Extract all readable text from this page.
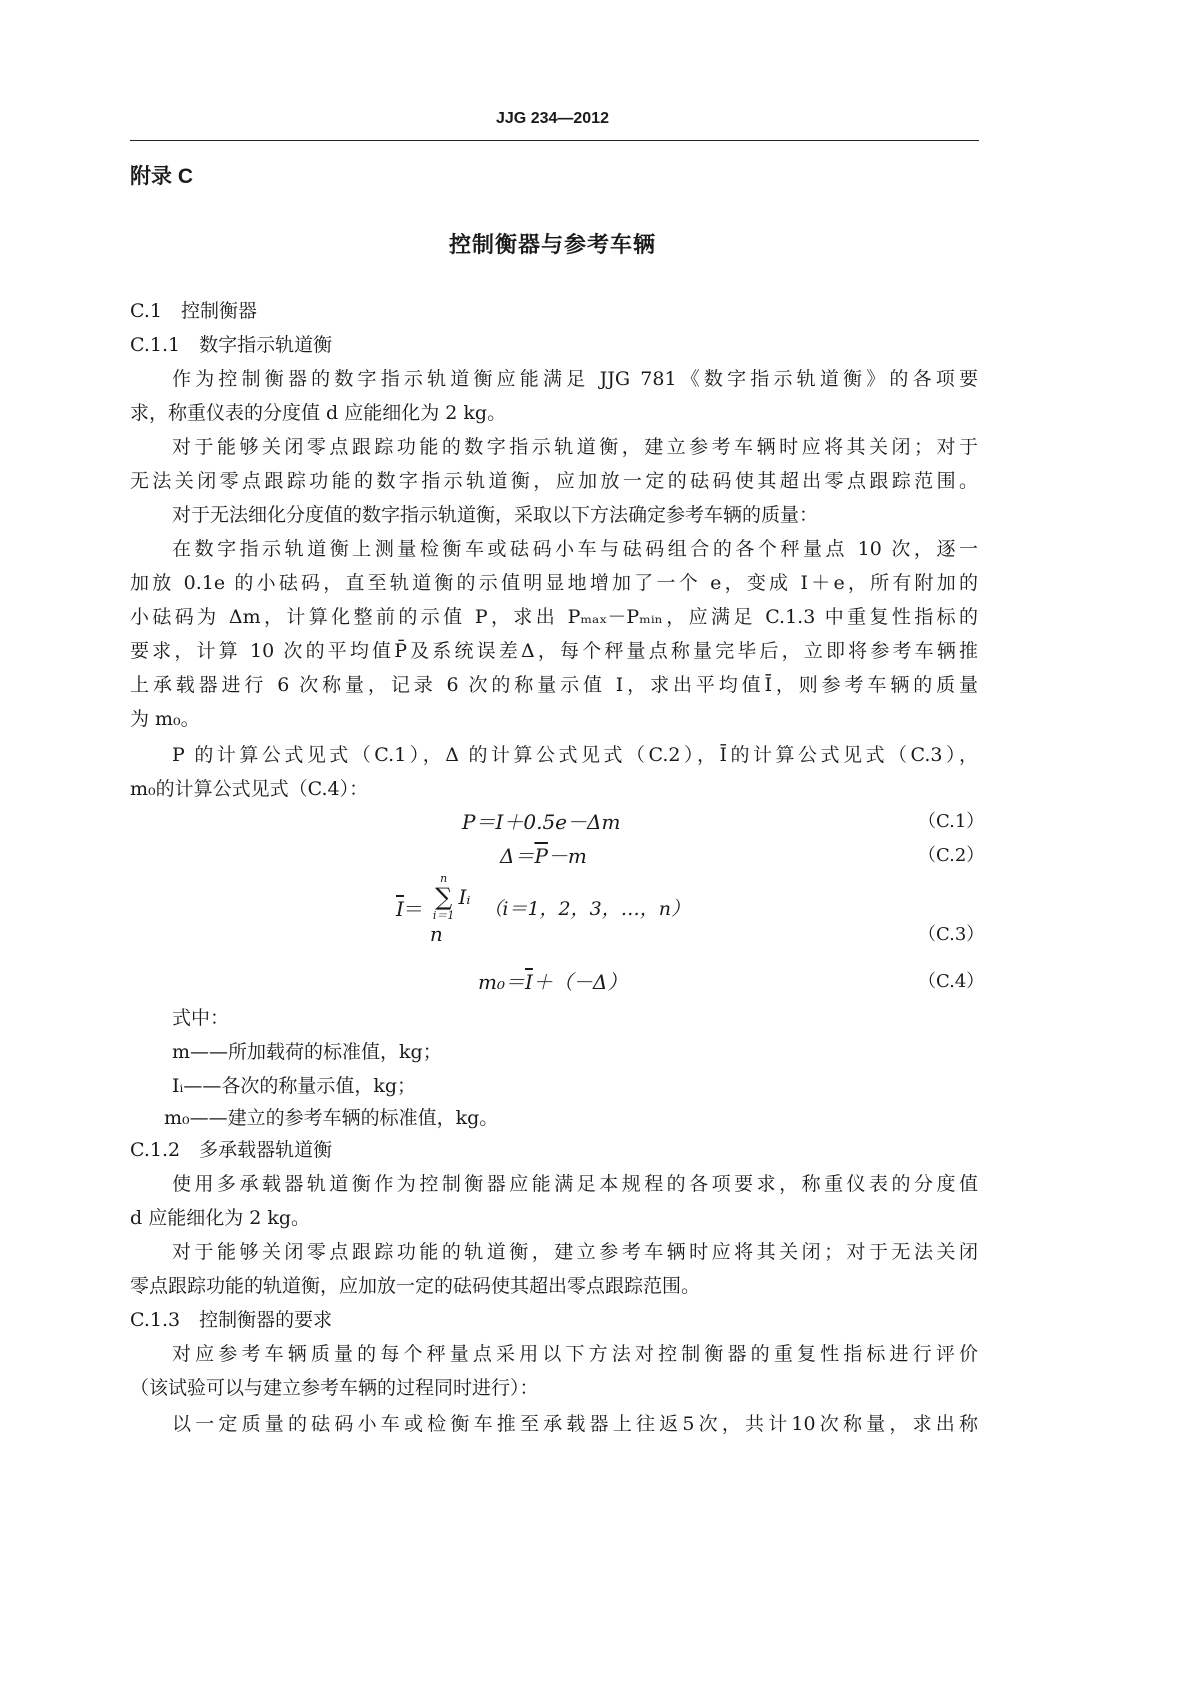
JJG 234—2012
附录 C
控制衡器与参考车辆
C.1　控制衡器
C.1.1　数字指示轨道衡
作为控制衡器的数字指示轨道衡应能满足 JJG 781《数字指示轨道衡》的各项要
求，称重仪表的分度值 d 应能细化为 2 kg。
对于能够关闭零点跟踪功能的数字指示轨道衡，建立参考车辆时应将其关闭；对于
无法关闭零点跟踪功能的数字指示轨道衡，应加放一定的砝码使其超出零点跟踪范围。
对于无法细化分度值的数字指示轨道衡，采取以下方法确定参考车辆的质量：
在数字指示轨道衡上测量检衡车或砝码小车与砝码组合的各个秤量点 10 次，逐一
加放 0.1e 的小砝码，直至轨道衡的示值明显地增加了一个 e，变成 I＋e，所有附加的
小砝码为 Δm，计算化整前的示值 P，求出 Pₘₐₓ－Pₘᵢₙ，应满足 C.1.3 中重复性指标的
要求，计算 10 次的平均值P̄及系统误差Δ，每个秤量点称量完毕后，立即将参考车辆推
上承载器进行 6 次称量，记录 6 次的称量示值 I，求出平均值Ī，则参考车辆的质量
为 m₀。
P 的计算公式见式（C.1），Δ 的计算公式见式（C.2），Ī的计算公式见式（C.3），
m₀的计算公式见式（C.4）：
式中：
m——所加载荷的标准值，kg；
Iᵢ——各次的称量示值，kg；
m₀——建立的参考车辆的标准值，kg。
C.1.2　多承载器轨道衡
使用多承载器轨道衡作为控制衡器应能满足本规程的各项要求，称重仪表的分度值
d 应能细化为 2 kg。
对于能够关闭零点跟踪功能的轨道衡，建立参考车辆时应将其关闭；对于无法关闭
零点跟踪功能的轨道衡，应加放一定的砝码使其超出零点跟踪范围。
C.1.3　控制衡器的要求
对应参考车辆质量的每个秤量点采用以下方法对控制衡器的重复性指标进行评价
（该试验可以与建立参考车辆的过程同时进行）：
以一定质量的砝码小车或检衡车推至承载器上往返5次，共计10次称量，求出称
P＝I＋0.5e－Δm
$\Delta=\overline{P}-m$
$\overline{I}$ ＝
n
∑
i＝1
Iᵢ
n
（i＝1，2，3，…，n）
$m_0=\overline{I}+(-\Delta)$
（C.1）
（C.2）
（C.3）
（C.4）
